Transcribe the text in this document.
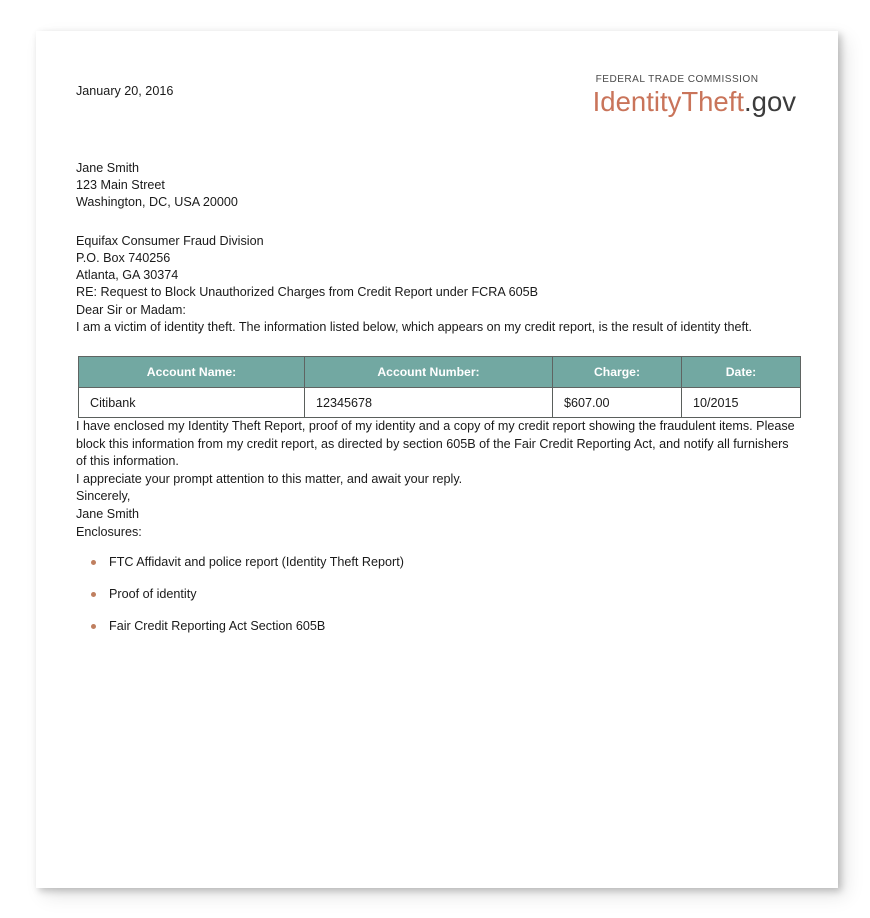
January 20, 2016
FEDERAL TRADE COMMISSION
IdentityTheft.gov
Jane Smith
123 Main Street
Washington, DC, USA 20000
Equifax Consumer Fraud Division
P.O. Box 740256
Atlanta, GA 30374

RE: Request to Block Unauthorized Charges from Credit Report under FCRA 605B

Dear Sir or Madam:

I am a victim of identity theft. The information listed below, which appears on my credit report, is the result of identity theft.

Account Name:	Account Number:	Charge:	Date:
Citibank	12345678	$607.00	10/2015

I have enclosed my Identity Theft Report, proof of my identity and a copy of my credit report showing the fraudulent items. Please block this information from my credit report, as directed by section 605B of the Fair Credit Reporting Act, and notify all furnishers of this information.

I appreciate your prompt attention to this matter, and await your reply.

Sincerely,

Jane Smith

Enclosures:

FTC Affidavit and police report (Identity Theft Report)
Proof of identity
Fair Credit Reporting Act Section 605B
